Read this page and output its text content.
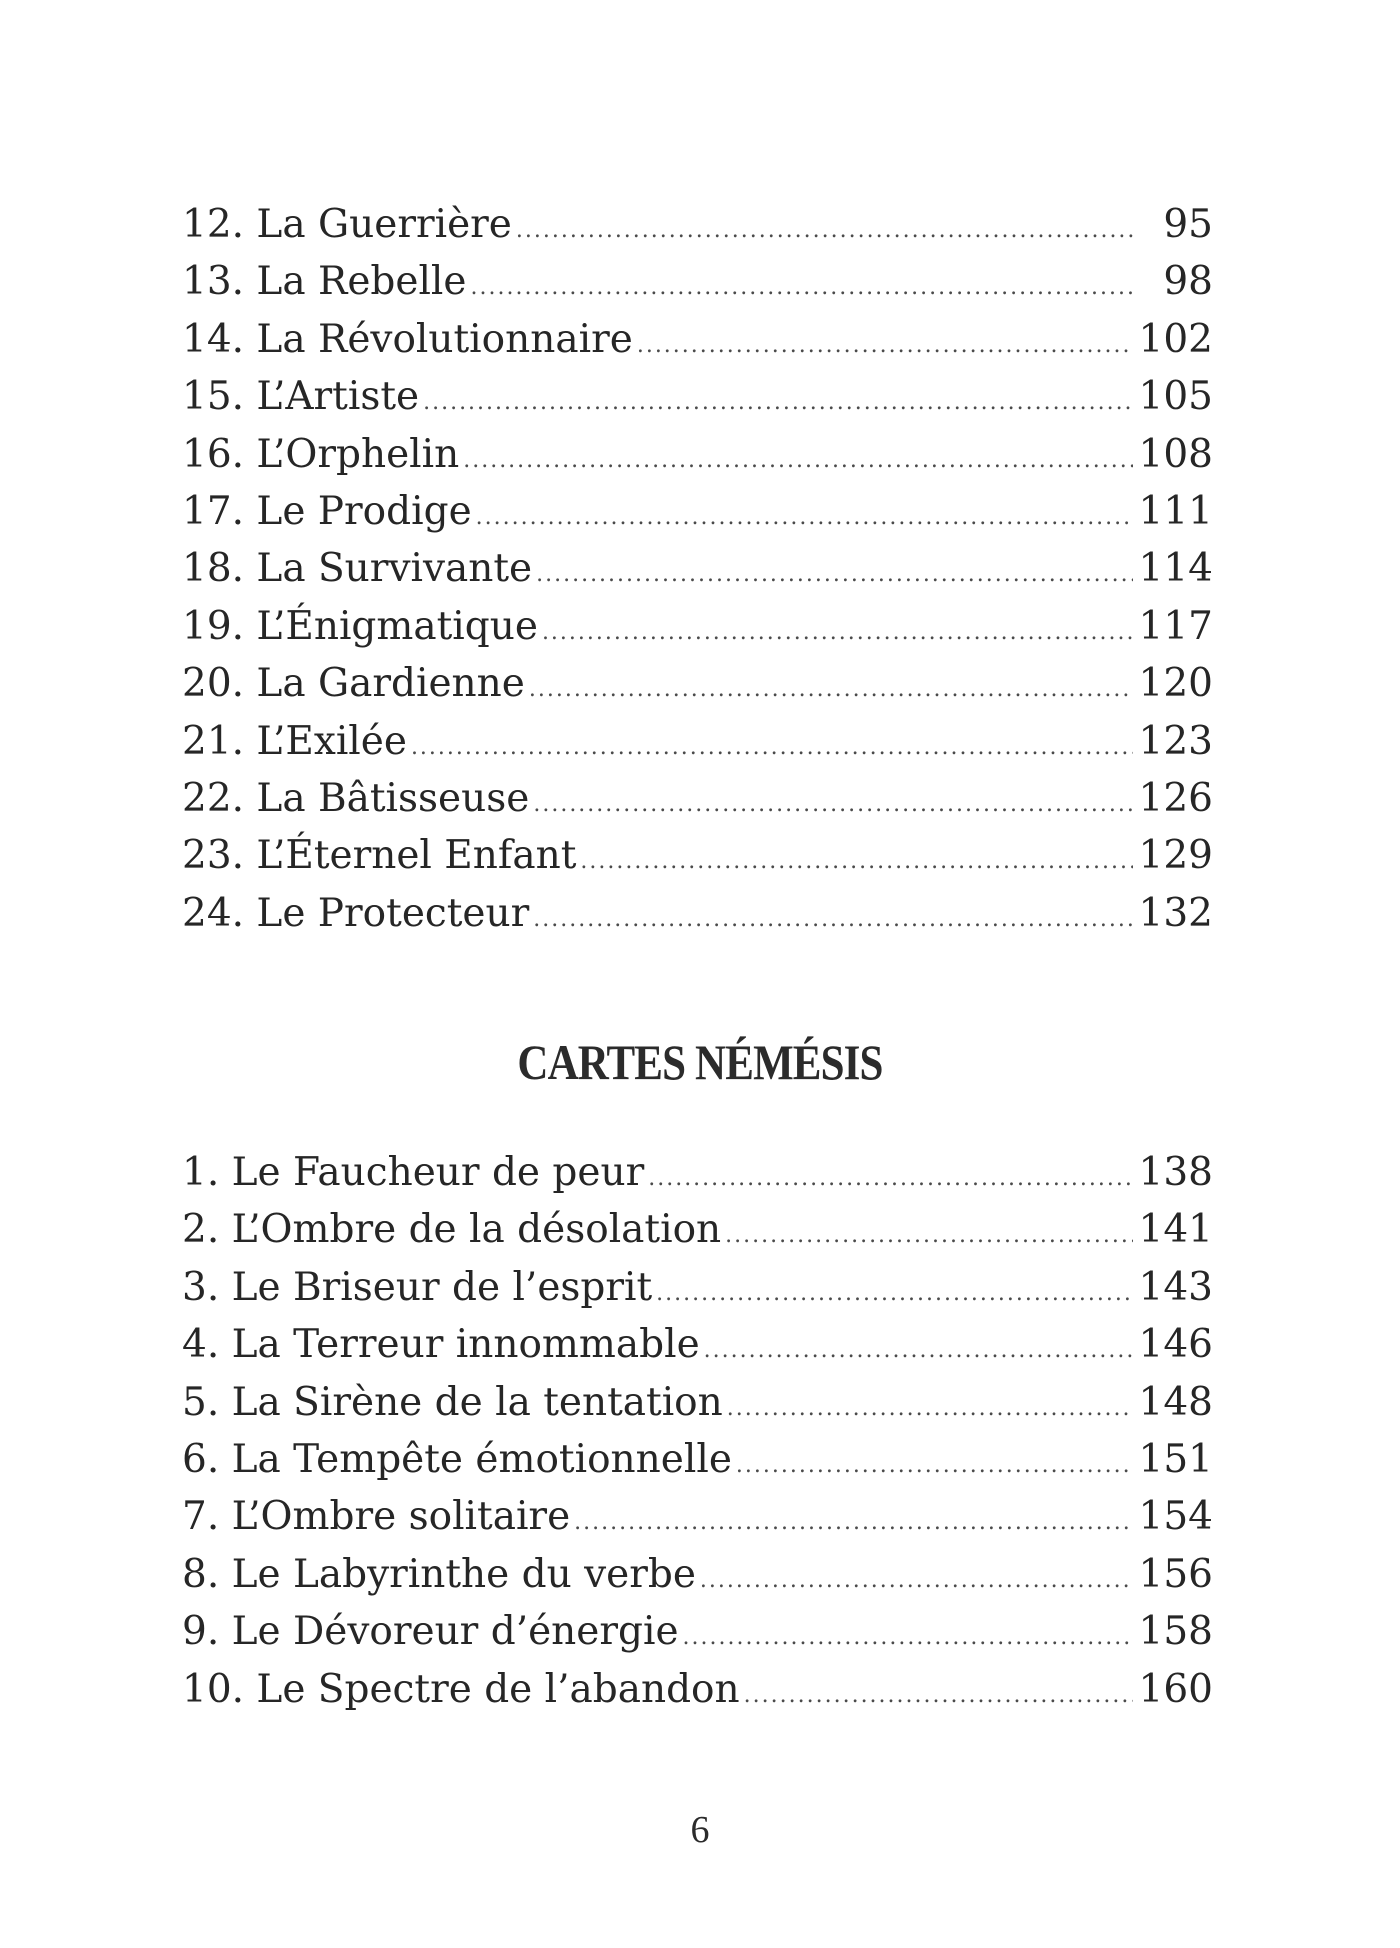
12. La Guerrière .....	95
13. La Rebelle .....	98
14. La Révolutionnaire .....	102
15. L’Artiste .....	105
16. L’Orphelin .....	108
17. Le Prodige .....	111
18. La Survivante .....	114
19. L’Énigmatique .....	117
20. La Gardienne .....	120
21. L’Exilée .....	123
22. La Bâtisseuse .....	126
23. L’Éternel Enfant .....	129
24. Le Protecteur .....	132
CARTES NÉMÉSIS
1. Le Faucheur de peur .....	138
2. L’Ombre de la désolation .....	141
3. Le Briseur de l’esprit .....	143
4. La Terreur innommable .....	146
5. La Sirène de la tentation .....	148
6. La Tempête émotionnelle .....	151
7. L’Ombre solitaire .....	154
8. Le Labyrinthe du verbe .....	156
9. Le Dévoreur d’énergie .....	158
10. Le Spectre de l’abandon .....	160
6
